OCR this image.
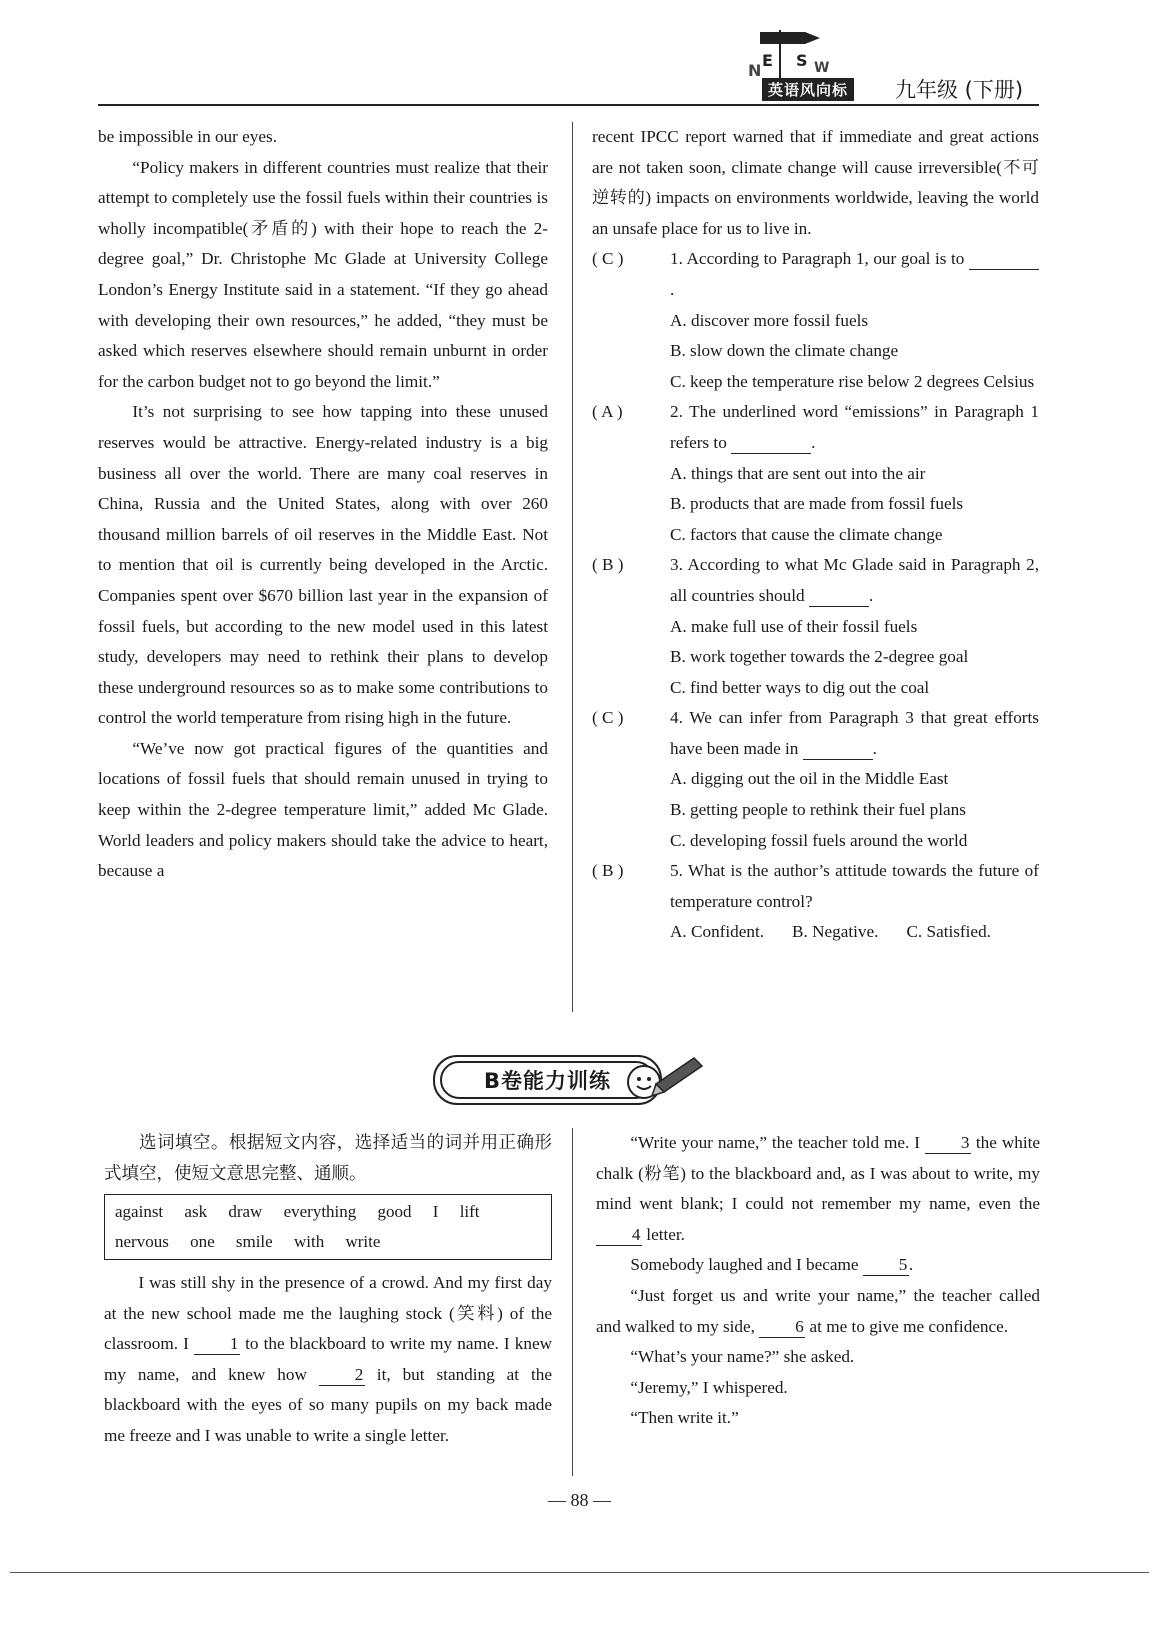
N
E S W
英语风向标 九年级 (下册)

be impossible in our eyes.

“Policy makers in different countries must realize that their attempt to completely use the fossil fuels within their countries is wholly incompatible(矛盾的) with their hope to reach the 2-degree goal,” Dr. Christophe Mc Glade at University College London’s Energy Institute said in a statement. “If they go ahead with developing their own resources,” he added, “they must be asked which reserves elsewhere should remain unburnt in order for the carbon budget not to go beyond the limit.”

It’s not surprising to see how tapping into these unused reserves would be attractive. Energy-related industry is a big business all over the world. There are many coal reserves in China, Russia and the United States, along with over 260 thousand million barrels of oil reserves in the Middle East. Not to mention that oil is currently being developed in the Arctic. Companies spent over $670 billion last year in the expansion of fossil fuels, but according to the new model used in this latest study, developers may need to rethink their plans to develop these underground resources so as to make some contributions to control the world temperature from rising high in the future.

“We’ve now got practical figures of the quantities and locations of fossil fuels that should remain unused in trying to keep within the 2-degree temperature limit,” added Mc Glade. World leaders and policy makers should take the advice to heart, because a

recent IPCC report warned that if immediate and great actions are not taken soon, climate change will cause irreversible(不可逆转的) impacts on environments worldwide, leaving the world an unsafe place for us to live in.

( C )	1. According to Paragraph 1, our goal is to  .
A. discover more fossil fuels
B. slow down the climate change
C. keep the temperature rise below 2 degrees Celsius
( A )	2. The underlined word “emissions” in Paragraph 1 refers to	.
A. things that are sent out into the air
B. products that are made from fossil fuels
C. factors that cause the climate change
( B )	3. According to what Mc Glade said in Paragraph 2, all countries should	.
A. make full use of their fossil fuels
B. work together towards the 2-degree goal
C. find better ways to dig out the coal
( C )	4. We can infer from Paragraph 3 that great efforts have been made in	.
A. digging out the oil in the Middle East
B. getting people to rethink their fuel plans
C. developing fossil fuels around the world
( B )	5. What is the author’s attitude towards the future of temperature control?
A. Confident. B. Negative. C. Satisfied.
B卷能力训练

选词填空。根据短文内容，选择适当的词并用正确形式填空，使短文意思完整、通顺。

against ask draw everything good I lift
nervous one smile with write

I was still shy in the presence of a crowd. And my first day at the new school made me the laughing stock (笑料) of the classroom. I 1 to the blackboard to write my name. I knew my name, and knew how	2 it, but standing at the blackboard with the eyes of so many pupils on my back made me freeze and I was unable to write a single letter.

“Write your name,” the teacher told me. I 3 the white chalk (粉笔) to the blackboard and, as I was about to write, my mind went blank; I could not remember my name, even the 4 letter.

Somebody laughed and I became 5.

“Just forget us and write your name,” the teacher called and walked to my side, 6 at me to give me confidence.

“What’s your name?” she asked.

“Jeremy,” I whispered.

“Then write it.”

— 88 —
